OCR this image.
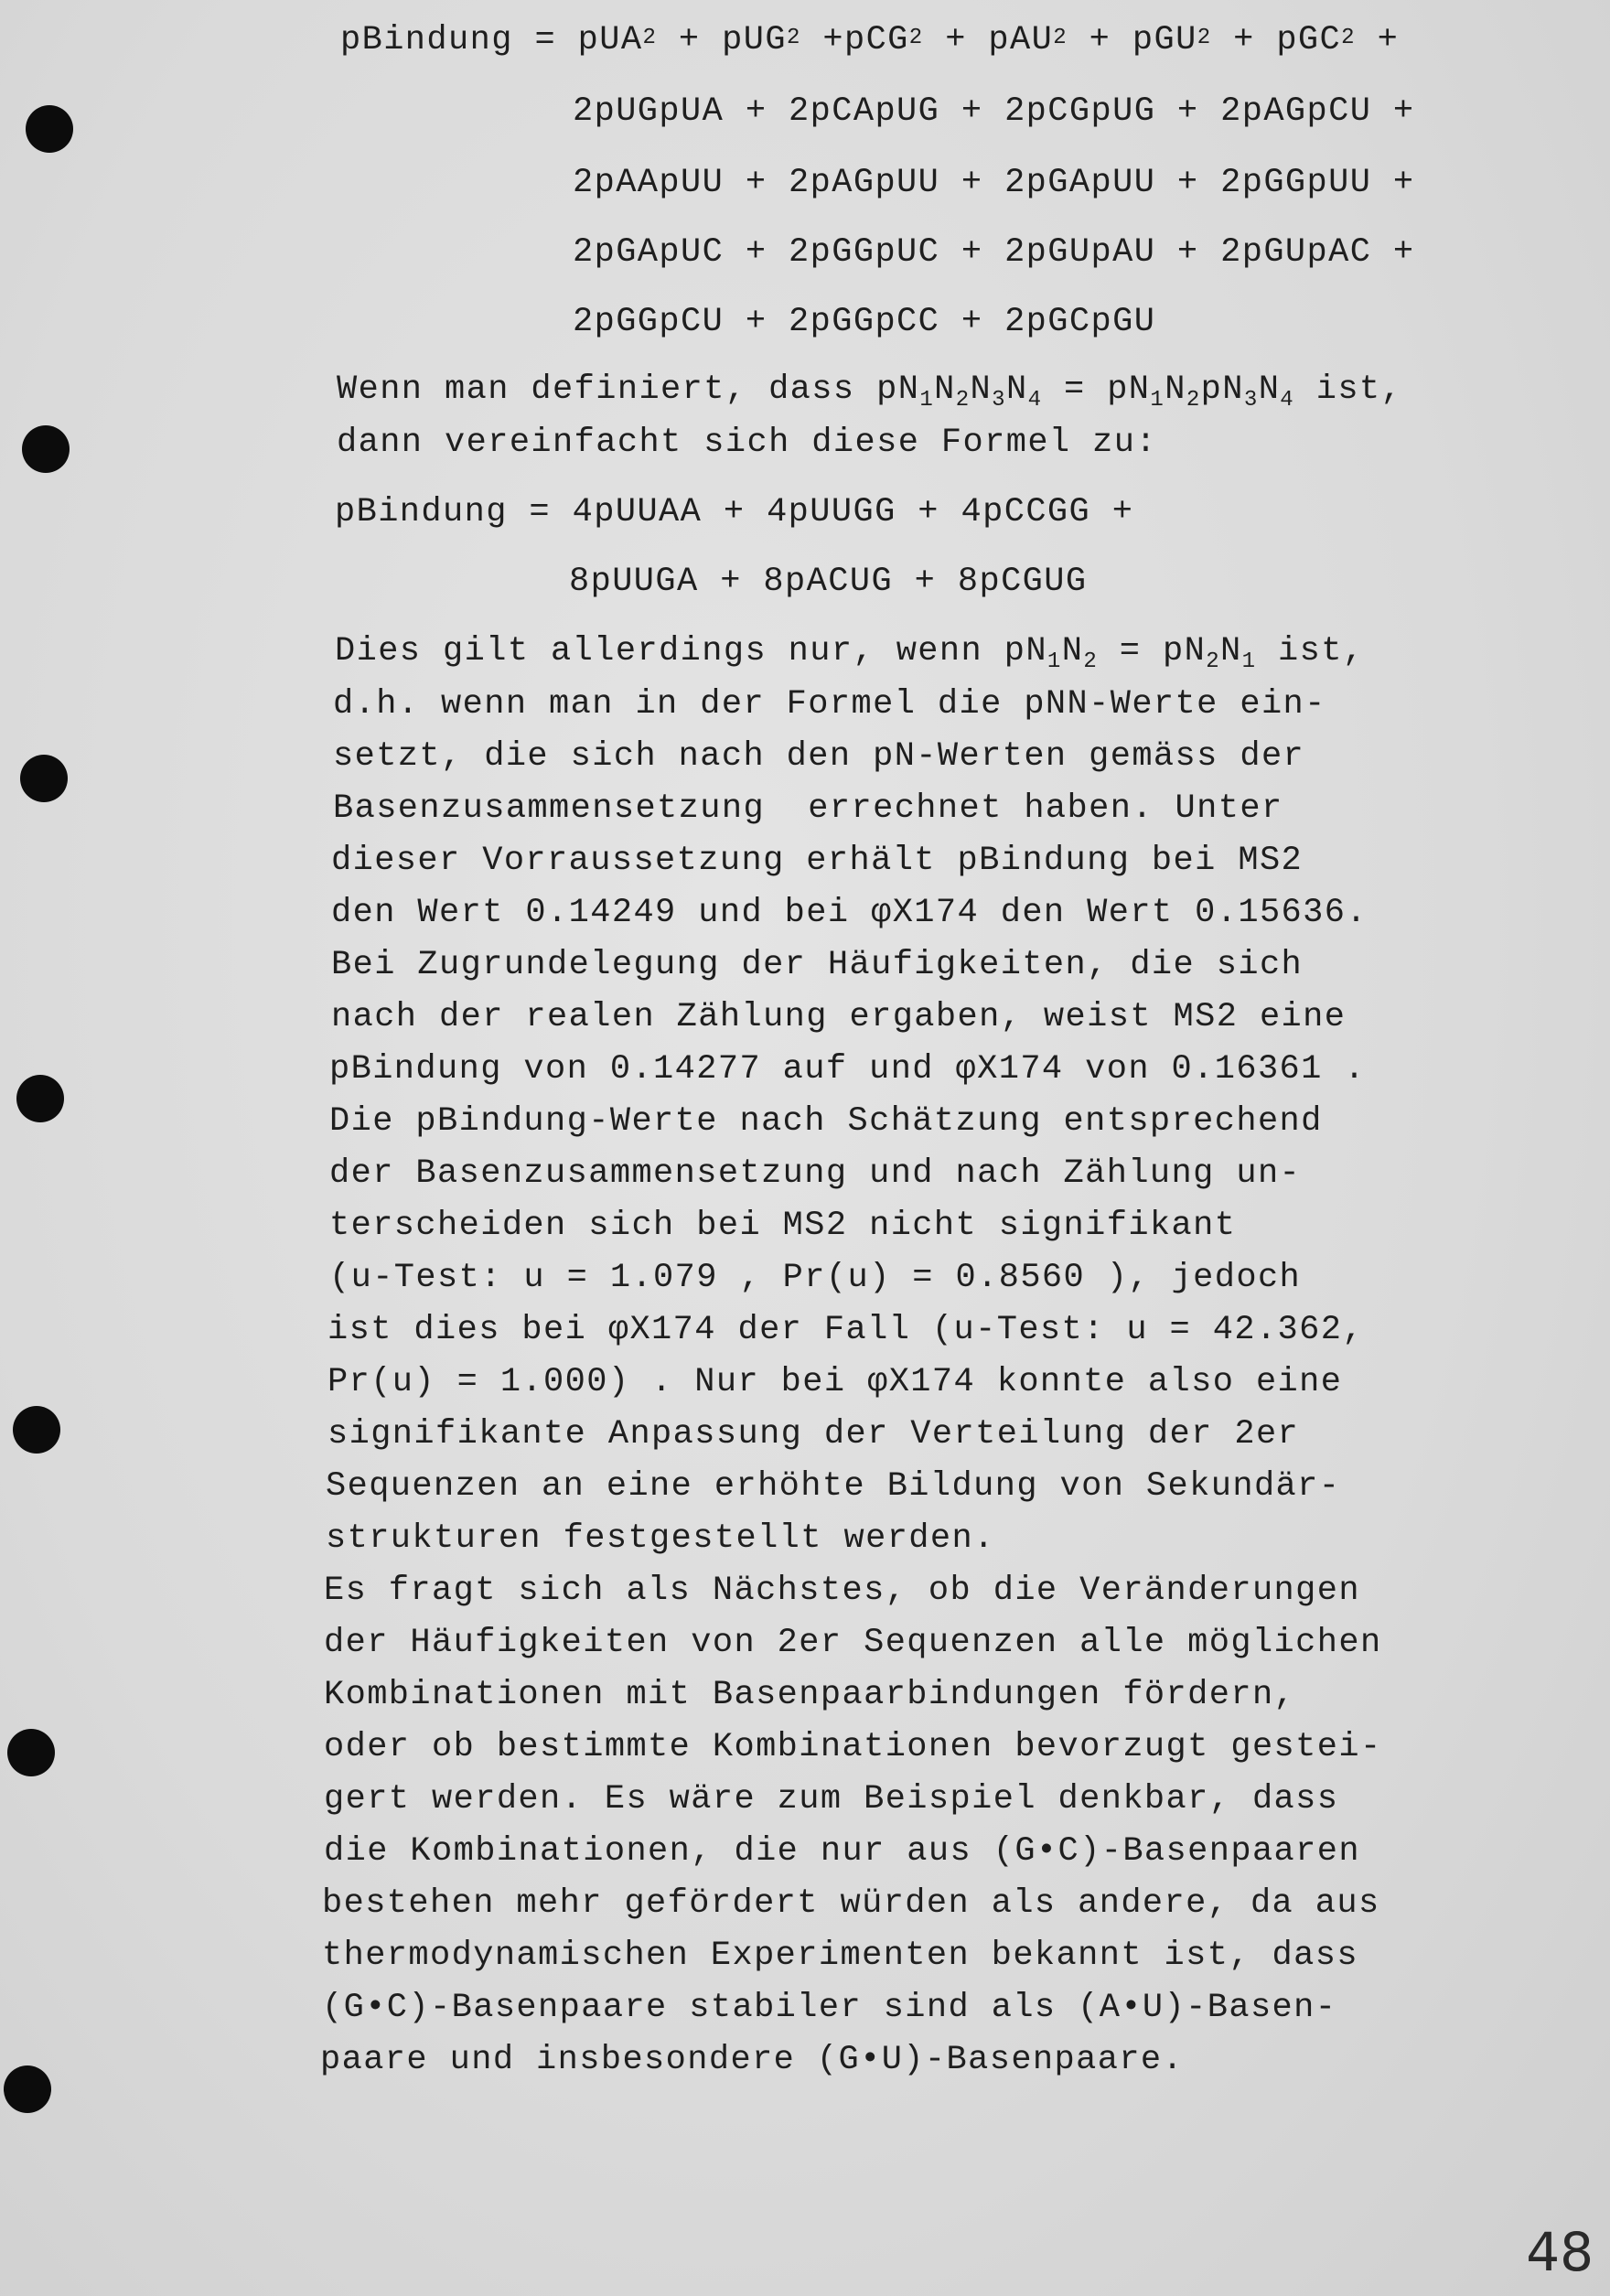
pBindung = pUA$^2$ + pUG$^2$ +pCG$^2$ + pAU$^2$ + pGU$^2$ + pGC$^2$ +
2pUGpUA + 2pCApUG + 2pCGpUG + 2pAGpCU +
2pAApUU + 2pAGpUU + 2pGApUU + 2pGGpUU +
2pGApUC + 2pGGpUC + 2pGUpAU + 2pGUpAC +
2pGGpCU + 2pGGpCC + 2pGCpGU
Wenn man definiert, dass $pN_1N_2N_3N_4 = pN_1N_2pN_3N_4$ ist,
dann vereinfacht sich diese Formel zu:
pBindung = 4pUUAA + 4pUUGG + 4pCCGG +
8pUUGA + 8pACUG + 8pCGUG
Dies gilt allerdings nur, wenn $pN_1N_2 = pN_2N_1$ ist,
d.h. wenn man in der Formel die pNN-Werte ein-
setzt, die sich nach den pN-Werten gemäss der
Basenzusammensetzung  errechnet haben. Unter
dieser Vorraussetzung erhält pBindung bei MS2
den Wert 0.14249 und bei φX174 den Wert 0.15636.
Bei Zugrundelegung der Häufigkeiten, die sich
nach der realen Zählung ergaben, weist MS2 eine
pBindung von 0.14277 auf und φX174 von 0.16361 .
Die pBindung-Werte nach Schätzung entsprechend
der Basenzusammensetzung und nach Zählung un-
terscheiden sich bei MS2 nicht signifikant
(u-Test: u = 1.079 , Pr(u) = 0.8560 ), jedoch
ist dies bei φX174 der Fall (u-Test: u = 42.362,
Pr(u) = 1.000) . Nur bei φX174 konnte also eine
signifikante Anpassung der Verteilung der 2er
Sequenzen an eine erhöhte Bildung von Sekundär-
strukturen festgestellt werden.
Es fragt sich als Nächstes, ob die Veränderungen
der Häufigkeiten von 2er Sequenzen alle möglichen
Kombinationen mit Basenpaarbindungen fördern,
oder ob bestimmte Kombinationen bevorzugt gestei-
gert werden. Es wäre zum Beispiel denkbar, dass
die Kombinationen, die nur aus (G•C)-Basenpaaren
bestehen mehr gefördert würden als andere, da aus
thermodynamischen Experimenten bekannt ist, dass
(G•C)-Basenpaare stabiler sind als (A•U)-Basen-
paare und insbesondere (G•U)-Basenpaare.
48
